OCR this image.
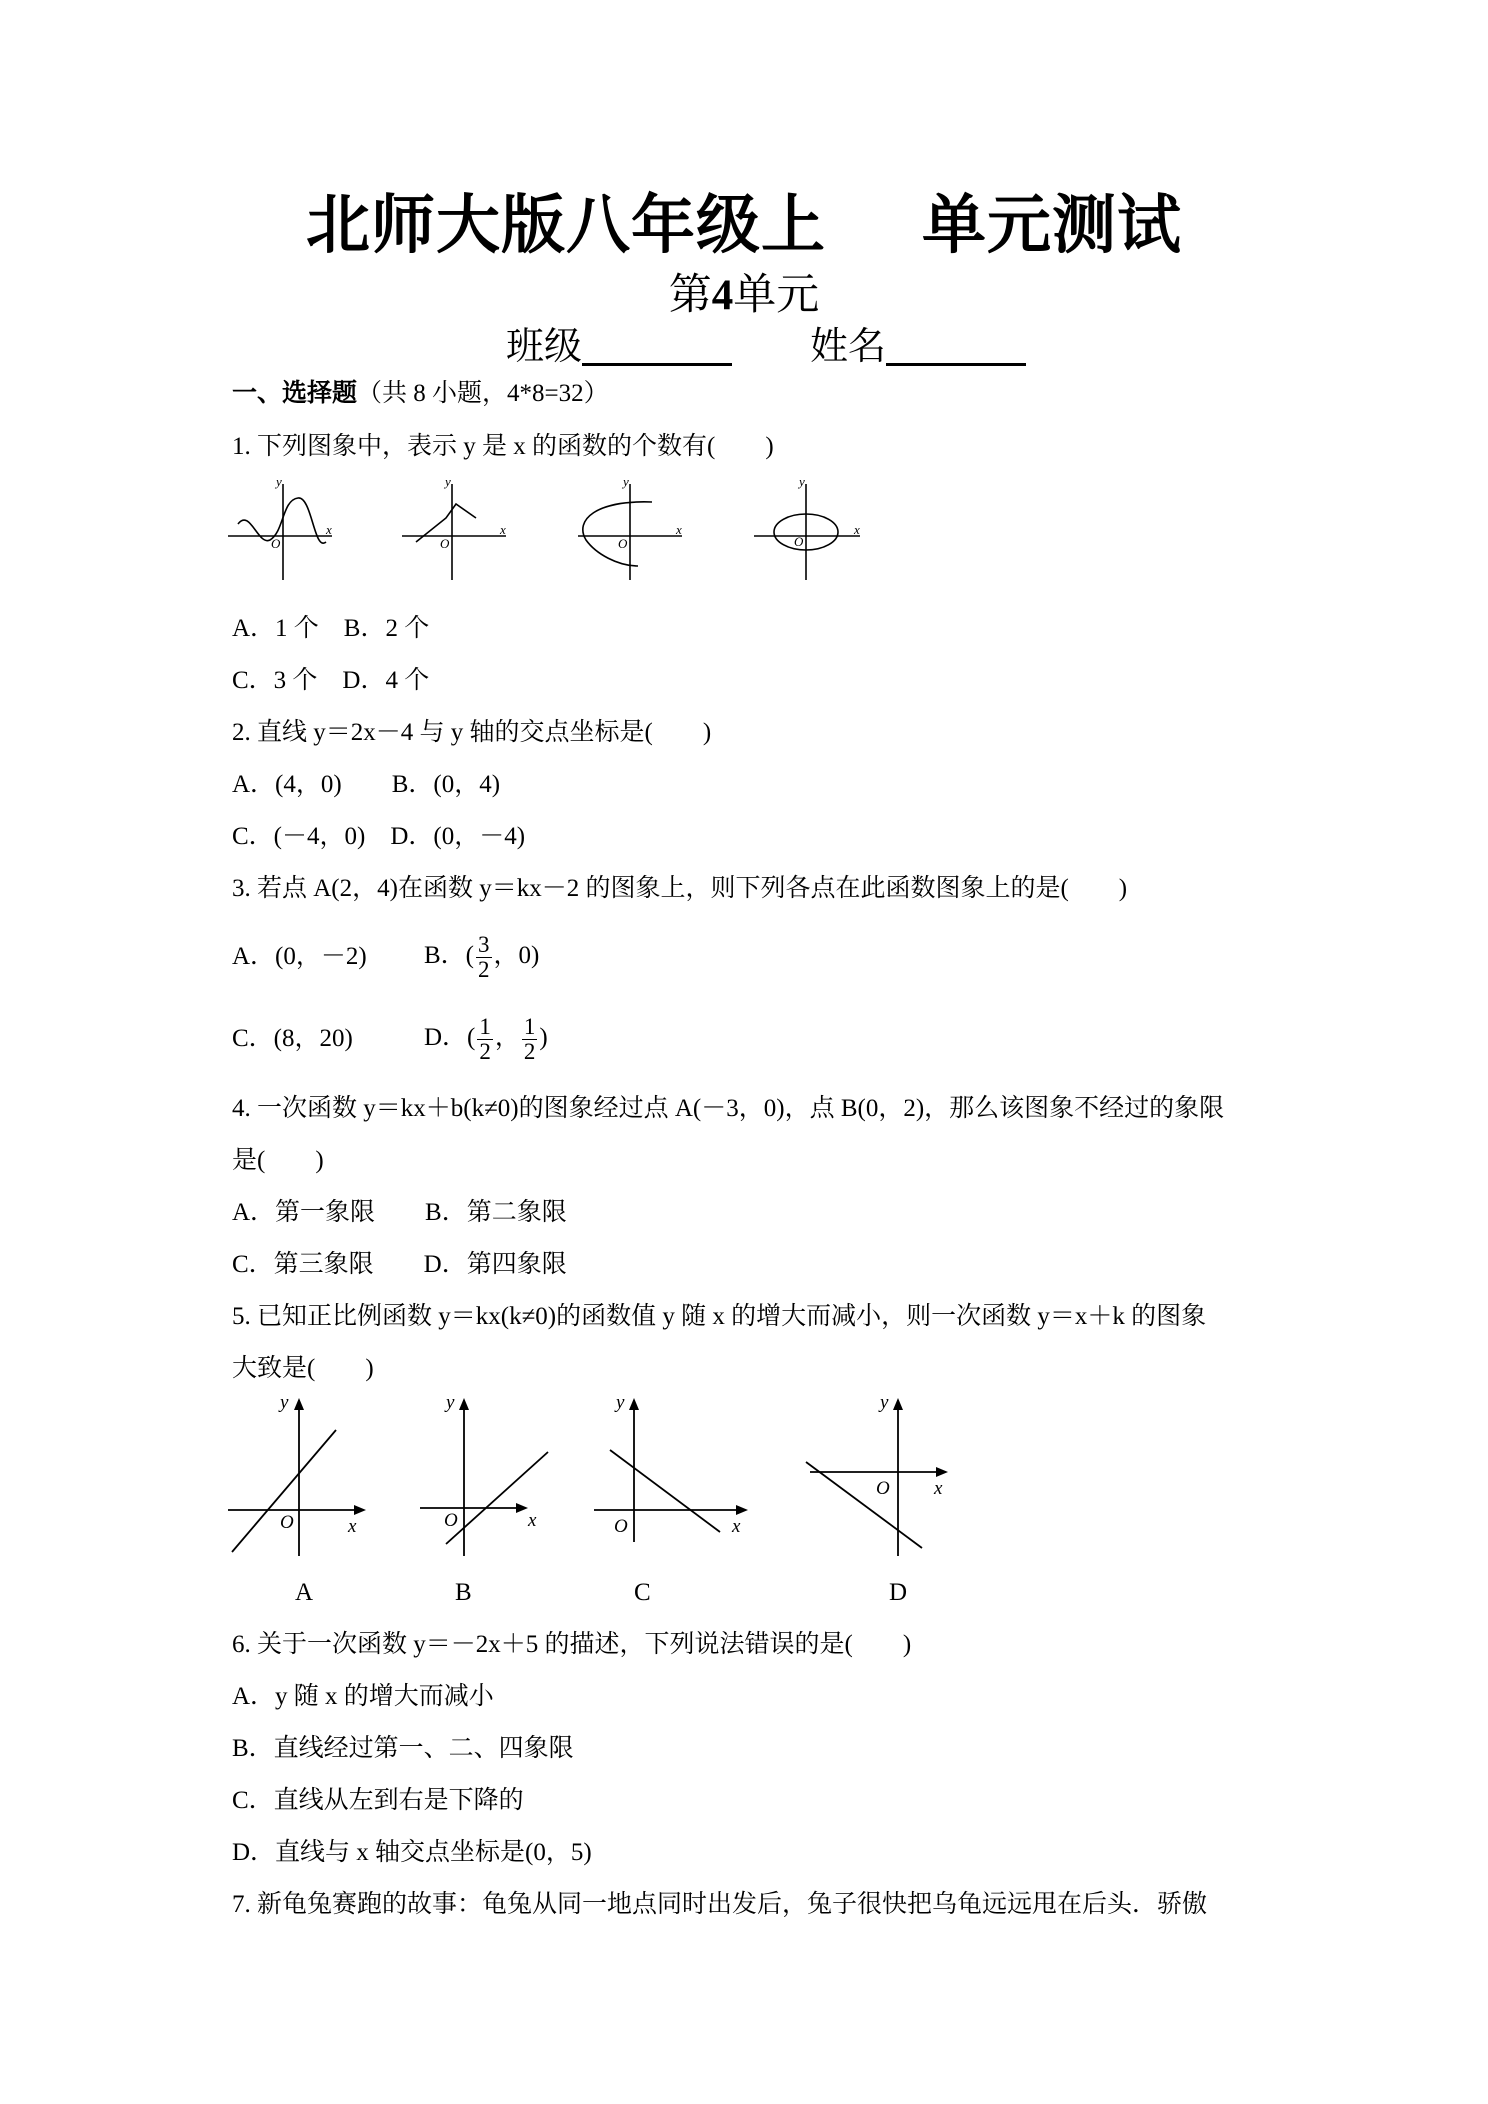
北师大版八年级上 单元测试
第4单元
班级	姓名
一、选择题（共 8 小题，4*8=32）
1. 下列图象中，表示 y 是 x 的函数的个数有(　　)
O
x
y
O
x
y
O
x
y
O
x
y
A．1 个　B．2 个
C．3 个　D．4 个
2. 直线 y＝2x－4 与 y 轴的交点坐标是(　　)
A．(4，0)　　B．(0，4)
C．(－4，0)　D．(0，－4)
3. 若点 A(2，4)在函数 y＝kx－2 的图象上，则下列各点在此函数图象上的是(　　)
A．(0，－2) B．( $\frac{3}{2}$ ，0)
C．(8，20)	D．( $\frac{1}{2}$ ， $\frac{1}{2}$ )
4. 一次函数 y＝kx＋b(k≠0)的图象经过点 A(－3，0)，点 B(0，2)，那么该图象不经过的象限
是(　　)
A．第一象限　　B．第二象限
C．第三象限　　D．第四象限
5. 已知正比例函数 y＝kx(k≠0)的函数值 y 随 x 的增大而减小，则一次函数 y＝x＋k 的图象
大致是(　　)
y
x
O
y
x
O
y
x
O
y
x
O
A	B	C	D
6. 关于一次函数 y＝－2x＋5 的描述，下列说法错误的是(　　)
A．y 随 x 的增大而减小
B．直线经过第一、二、四象限
C．直线从左到右是下降的
D．直线与 x 轴交点坐标是(0，5)
7. 新龟兔赛跑的故事：龟兔从同一地点同时出发后，兔子很快把乌龟远远甩在后头．骄傲
